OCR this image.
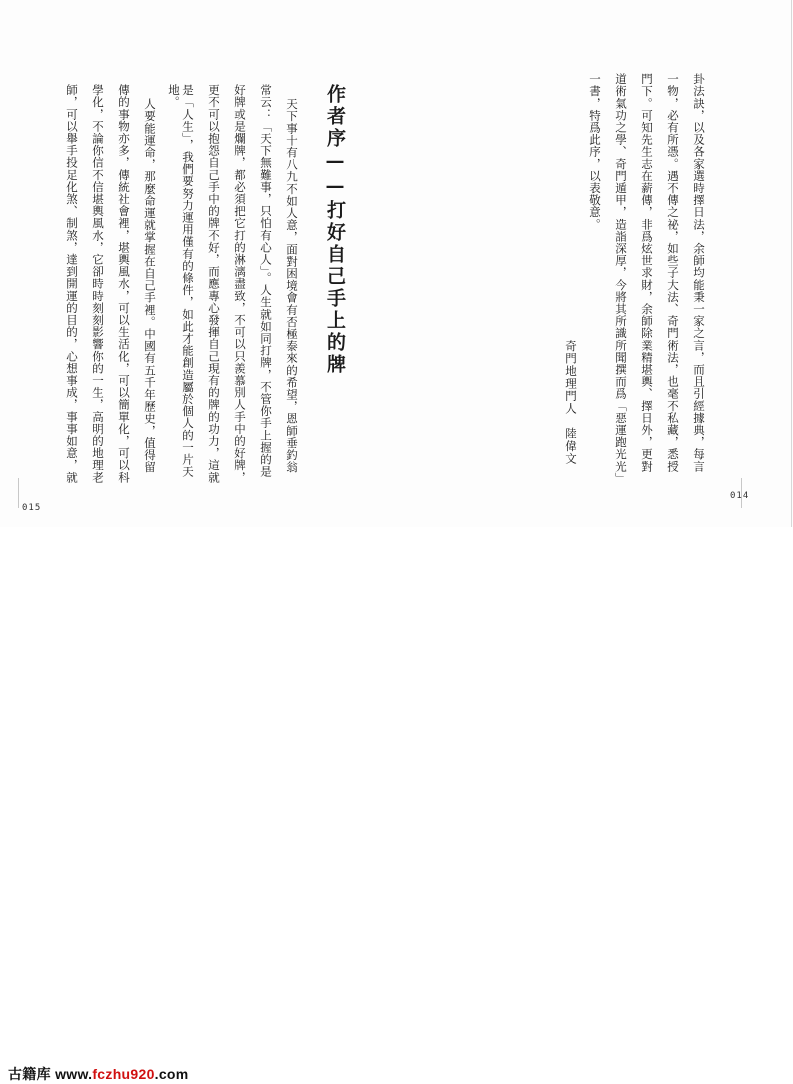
卦法訣，以及各家選時擇日法，余師均能秉一家之言，而且引經據典，每言
一物，必有所憑。遇不傳之祕，如些子大法、奇門術法，也毫不私藏，悉授
門下。可知先生志在薪傳，非爲炫世求財，余師除業精堪輿、擇日外，更對
道術氣功之學、奇門遁甲，造詣深厚，今將其所識所聞撰而爲「惡運跑光光」
一書，特爲此序，以表敬意。
奇門地理門人　陸偉文
014
作者序——打好自己手上的牌
天下事十有八九不如人意，面對困境會有否極泰來的希望，恩師垂釣翁
常云：「天下無難事，只怕有心人」。人生就如同打牌，不管你手上握的是
好牌或是爛牌，都必須把它打的淋漓盡致，不可以只羨慕別人手中的好牌，
更不可以抱怨自己手中的牌不好，而應專心發揮自己現有的牌的功力，這就
是「人生」，我們要努力運用僅有的條件，如此才能創造屬於個人的一片天
地。
人要能運命，那麼命運就掌握在自己手裡。中國有五千年歷史，值得留
傳的事物亦多，傳統社會裡，堪輿風水，可以生活化，可以簡單化，可以科
學化，不論你信不信堪輿風水，它卻時時刻刻影響你的一生，高明的地理老
師，可以舉手投足化煞、制煞，達到開運的目的，心想事成，事事如意，就
015
古籍库 www.fczhu920.com
